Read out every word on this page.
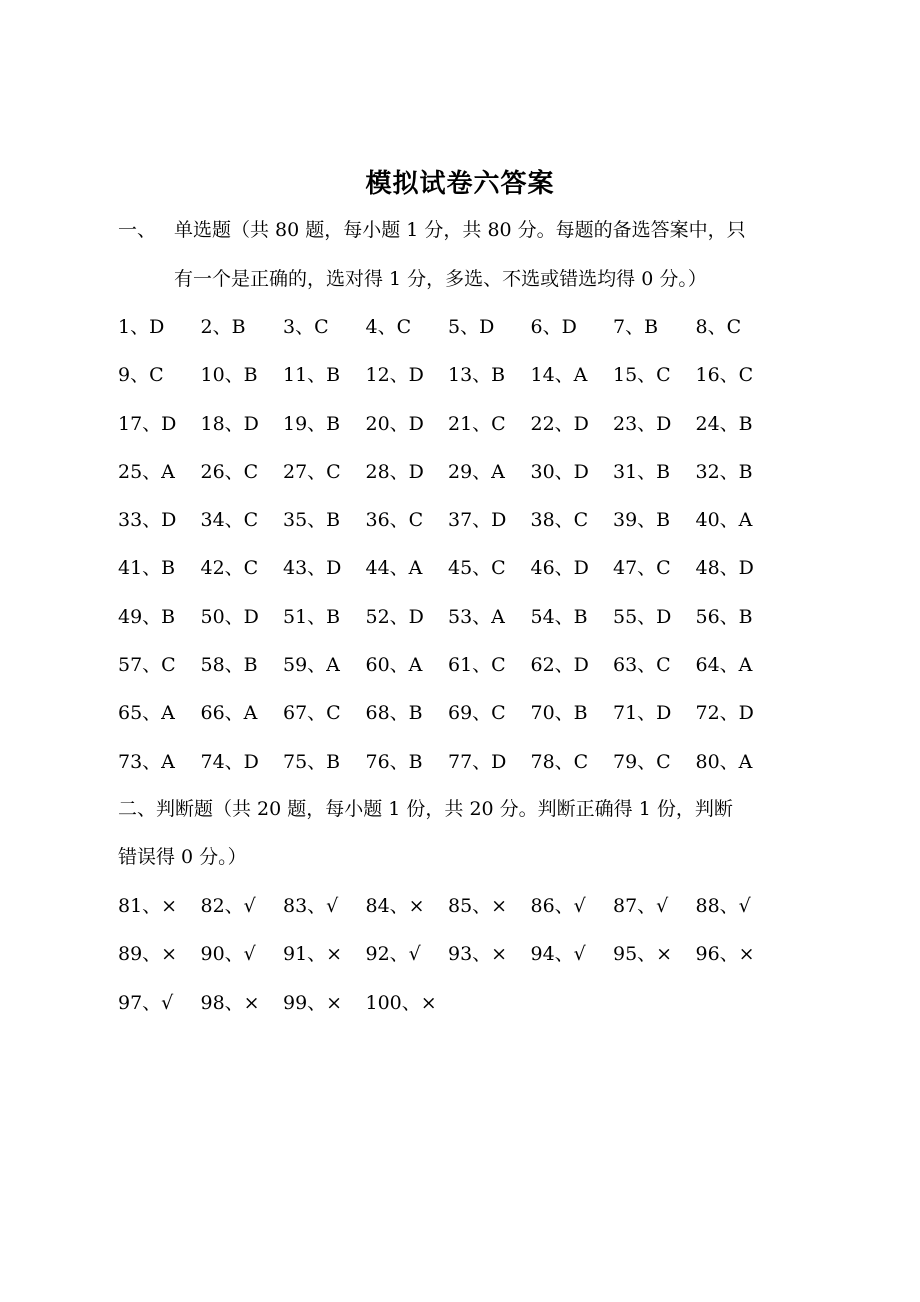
模拟试卷六答案
一、 单选题（共 80 题，每小题 1 分，共 80 分。每题的备选答案中，只
有一个是正确的，选对得 1 分，多选、不选或错选均得 0 分。）
1、D	2、B	3、C	4、C	5、D	6、D	7、B	8、C
9、C	10、B	11、B	12、D	13、B	14、A	15、C	16、C
17、D	18、D	19、B	20、D	21、C	22、D	23、D	24、B
25、A	26、C	27、C	28、D	29、A	30、D	31、B	32、B
33、D	34、C	35、B	36、C	37、D	38、C	39、B	40、A
41、B	42、C	43、D	44、A	45、C	46、D	47、C	48、D
49、B	50、D	51、B	52、D	53、A	54、B	55、D	56、B
57、C	58、B	59、A	60、A	61、C	62、D	63、C	64、A
65、A	66、A	67、C	68、B	69、C	70、B	71、D	72、D
73、A	74、D	75、B	76、B	77、D	78、C	79、C	80、A
二、判断题（共 20 题，每小题 1 份，共 20 分。判断正确得 1 份，判断
错误得 0 分。）
81、×	82、√	83、√	84、×	85、×	86、√	87、√	88、√
89、×	90、√	91、×	92、√	93、×	94、√	95、×	96、×
97、√	98、×	99、×	100、×
